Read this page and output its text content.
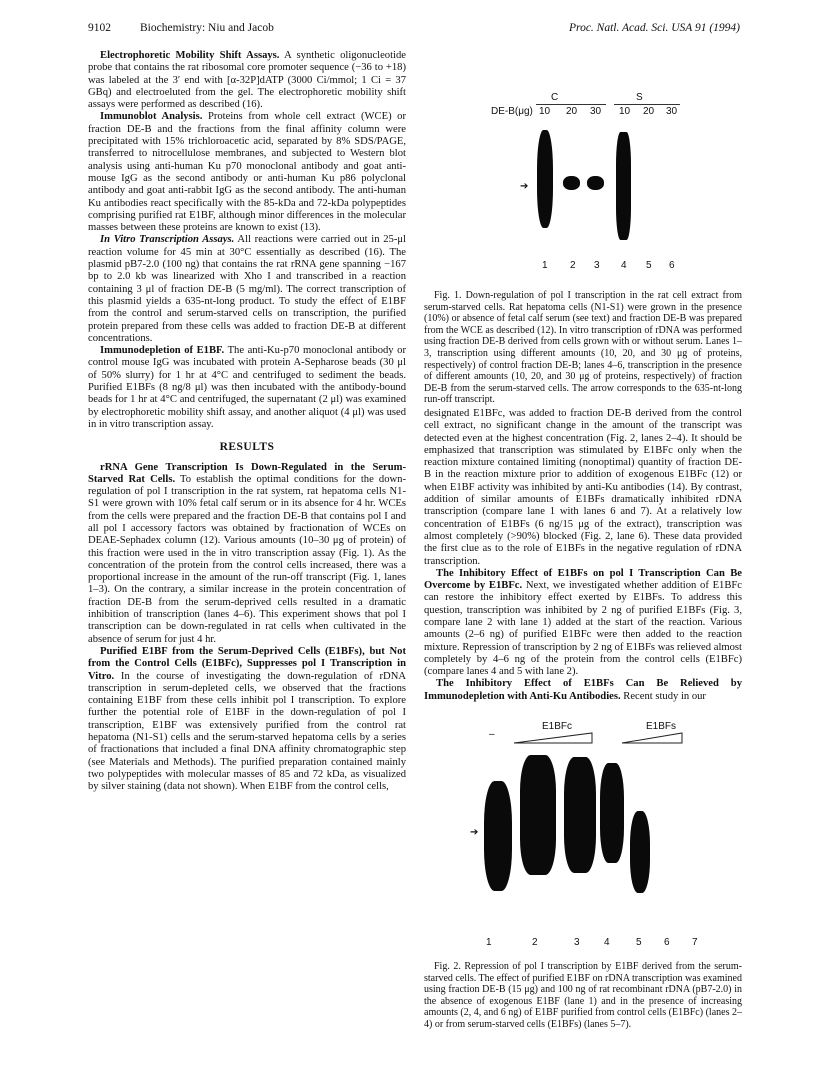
9102	Biochemistry: Niu and Jacob	Proc. Natl. Acad. Sci. USA 91 (1994)

Electrophoretic Mobility Shift Assays. A synthetic oligonucleotide probe that contains the rat ribosomal core promoter sequence (−36 to +18) was labeled at the 3′ end with [α-32P]dATP (3000 Ci/mmol; 1 Ci = 37 GBq) and electroeluted from the gel. The electrophoretic mobility shift assays were performed as described (16).

Immunoblot Analysis. Proteins from whole cell extract (WCE) or fraction DE-B and the fractions from the final affinity column were precipitated with 15% trichloroacetic acid, separated by 8% SDS/PAGE, transferred to nitrocellulose membranes, and subjected to Western blot analysis using anti-human Ku p70 monoclonal antibody and goat anti-mouse IgG as the second antibody or anti-human Ku p86 polyclonal antibody and goat anti-rabbit IgG as the second antibody. The anti-human Ku antibodies react specifically with the 85-kDa and 72-kDa polypeptides comprising purified rat E1BF, although minor differences in the molecular masses between these proteins are known to exist (13).

In Vitro Transcription Assays. All reactions were carried out in 25-μl reaction volume for 45 min at 30°C essentially as described (16). The plasmid pB7-2.0 (100 ng) that contains the rat rRNA gene spanning −167 bp to 2.0 kb was linearized with Xho I and transcribed in a reaction containing 3 μl of fraction DE-B (5 mg/ml). The correct transcription of this plasmid yields a 635-nt-long product. To study the effect of E1BF from the control and serum-starved cells on transcription, the purified protein prepared from these cells was added to fraction DE-B at different concentrations.

Immunodepletion of E1BF. The anti-Ku-p70 monoclonal antibody or control mouse IgG was incubated with protein A-Sepharose beads (30 μl of 50% slurry) for 1 hr at 4°C and centrifuged to sediment the beads. Purified E1BFs (8 ng/8 μl) was then incubated with the antibody-bound beads for 1 hr at 4°C and centrifuged, the supernatant (2 μl) was examined by electrophoretic mobility shift assay, and another aliquot (4 μl) was used in in vitro transcription assay.

RESULTS

rRNA Gene Transcription Is Down-Regulated in the Serum-Starved Rat Cells. To establish the optimal conditions for the down-regulation of pol I transcription in the rat system, rat hepatoma cells N1-S1 were grown with 10% fetal calf serum or in its absence for 4 hr. WCEs from the cells were prepared and the fraction DE-B that contains pol I and all pol I accessory factors was obtained by fractionation of WCEs on DEAE-Sephadex column (12). Various amounts (10–30 μg of protein) of this fraction were used in the in vitro transcription assay (Fig. 1). As the concentration of the protein from the control cells increased, there was a proportional increase in the amount of the run-off transcript (Fig. 1, lanes 1–3). On the contrary, a similar increase in the protein concentration of fraction DE-B from the serum-deprived cells resulted in a dramatic inhibition of transcription (lanes 4–6). This experiment shows that pol I transcription can be down-regulated in rat cells when cultivated in the absence of serum for just 4 hr.

Purified E1BF from the Serum-Deprived Cells (E1BFs), but Not from the Control Cells (E1BFc), Suppresses pol I Transcription in Vitro. In the course of investigating the down-regulation of rDNA transcription in serum-depleted cells, we observed that the fractions containing E1BF from these cells inhibit pol I transcription. To explore further the potential role of E1BF in the down-regulation of pol I transcription, E1BF was extensively purified from the control rat hepatoma (N1-S1) cells and the serum-starved hepatoma cells by a series of fractionations that included a final DNA affinity chromatographic step (see Materials and Methods). The purified preparation contained mainly two polypeptides with molecular masses of 85 and 72 kDa, as visualized by silver staining (data not shown). When E1BF from the control cells,

C	S
DE-B(μg) 10 20 30 10 20 30
➔
1 2 3 4 5 6

Fig. 1. Down-regulation of pol I transcription in the rat cell extract from serum-starved cells. Rat hepatoma cells (N1-S1) were grown in the presence (10%) or absence of fetal calf serum (see text) and fraction DE-B was prepared from the WCE as described (12). In vitro transcription of rDNA was performed using fraction DE-B derived from cells grown with or without serum. Lanes 1–3, transcription using different amounts (10, 20, and 30 μg of proteins, respectively) of control fraction DE-B; lanes 4–6, transcription in the presence of different amounts (10, 20, and 30 μg of proteins, respectively) of fraction DE-B from the serum-starved cells. The arrow corresponds to the 635-nt-long run-off transcript.

designated E1BFc, was added to fraction DE-B derived from the control cell extract, no significant change in the amount of the transcript was detected even at the highest concentration (Fig. 2, lanes 2–4). It should be emphasized that transcription was stimulated by E1BFc only when the reaction mixture contained limiting (nonoptimal) quantity of fraction DE-B in the reaction mixture prior to addition of exogenous E1BFc (12) or when E1BF activity was inhibited by anti-Ku antibodies (14). By contrast, addition of similar amounts of E1BFs dramatically inhibited rDNA transcription (compare lane 1 with lanes 6 and 7). At a relatively low concentration of E1BFs (6 ng/15 μg of the extract), transcription was almost completely (>90%) blocked (Fig. 2, lane 6). These data provided the first clue as to the role of E1BFs in the negative regulation of rDNA transcription.

The Inhibitory Effect of E1BFs on pol I Transcription Can Be Overcome by E1BFc. Next, we investigated whether addition of E1BFc can restore the inhibitory effect exerted by E1BFs. To address this question, transcription was inhibited by 2 ng of purified E1BFs (Fig. 3, compare lane 2 with lane 1) added at the start of the reaction. Various amounts (2–6 ng) of purified E1BFc were then added to the reaction mixture. Repression of transcription by 2 ng of E1BFs was relieved almost completely by 4–6 ng of the protein from the control cells (E1BFc) (compare lanes 4 and 5 with lane 2).

The Inhibitory Effect of E1BFs Can Be Relieved by Immunodepletion with Anti-Ku Antibodies. Recent study in our

–
E1BFc	E1BFs
➔
1	2	3 4	5 6 7

Fig. 2. Repression of pol I transcription by E1BF derived from the serum-starved cells. The effect of purified E1BF on rDNA transcription was examined using fraction DE-B (15 μg) and 100 ng of rat recombinant rDNA (pB7-2.0) in the absence of exogenous E1BF (lane 1) and in the presence of increasing amounts (2, 4, and 6 ng) of E1BF purified from control cells (E1BFc) (lanes 2–4) or from serum-starved cells (E1BFs) (lanes 5–7).
